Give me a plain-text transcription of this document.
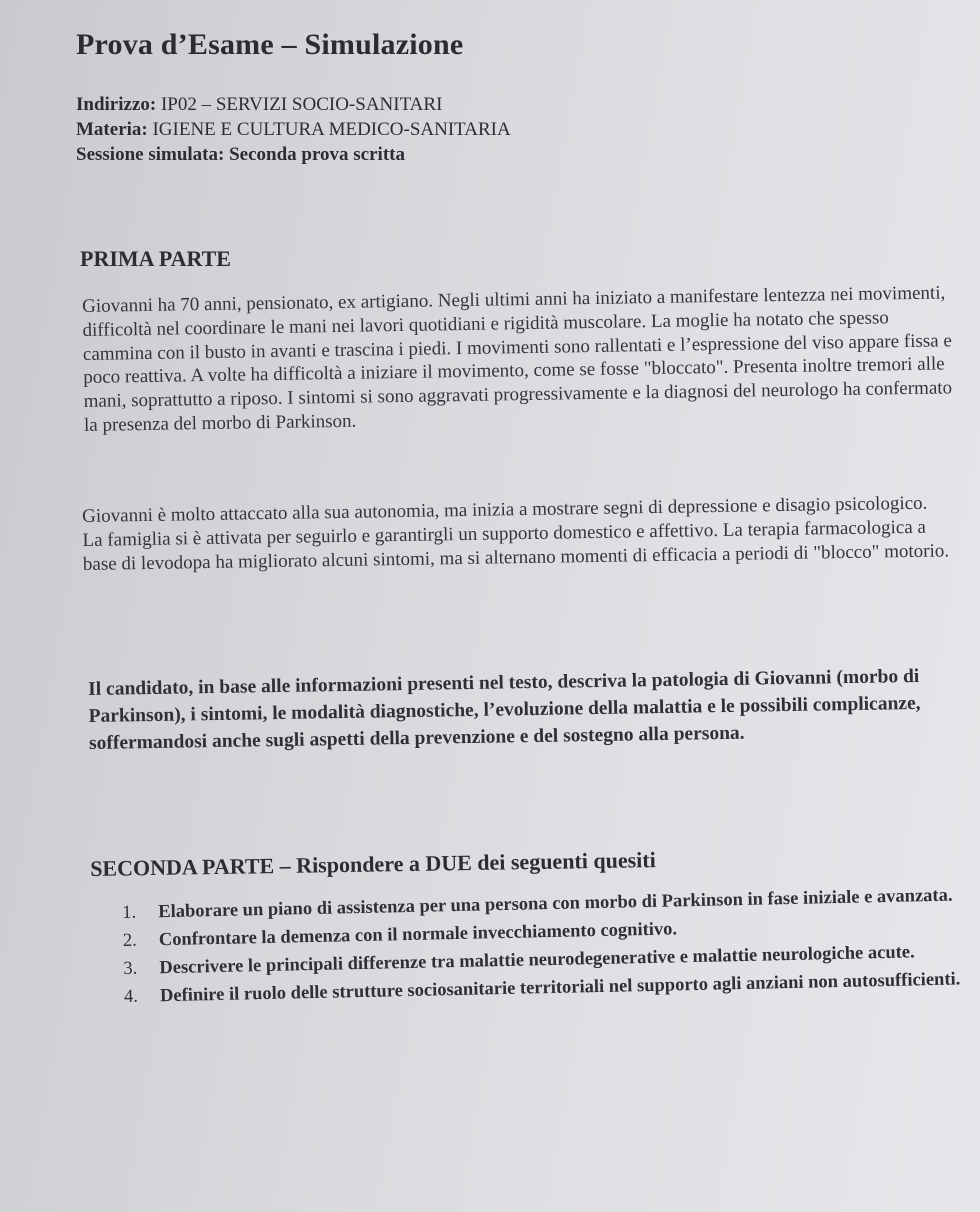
Prova d’Esame – Simulazione
Indirizzo: IP02 – SERVIZI SOCIO-SANITARI
Materia: IGIENE E CULTURA MEDICO-SANITARIA
Sessione simulata: Seconda prova scritta
PRIMA PARTE

Giovanni ha 70 anni, pensionato, ex artigiano. Negli ultimi anni ha iniziato a manifestare lentezza nei movimenti, difficoltà nel coordinare le mani nei lavori quotidiani e rigidità muscolare. La moglie ha notato che spesso cammina con il busto in avanti e trascina i piedi. I movimenti sono rallentati e l’espressione del viso appare fissa e poco reattiva. A volte ha difficoltà a iniziare il movimento, come se fosse "bloccato". Presenta inoltre tremori alle mani, soprattutto a riposo. I sintomi si sono aggravati progressivamente e la diagnosi del neurologo ha confermato la presenza del morbo di Parkinson.

Giovanni è molto attaccato alla sua autonomia, ma inizia a mostrare segni di depressione e disagio psicologico. La famiglia si è attivata per seguirlo e garantirgli un supporto domestico e affettivo. La terapia farmacologica a base di levodopa ha migliorato alcuni sintomi, ma si alternano momenti di efficacia a periodi di "blocco" motorio.

Il candidato, in base alle informazioni presenti nel testo, descriva la patologia di Giovanni (morbo di Parkinson), i sintomi, le modalità diagnostiche, l’evoluzione della malattia e le possibili complicanze, soffermandosi anche sugli aspetti della prevenzione e del sostegno alla persona.

SECONDA PARTE – Rispondere a DUE dei seguenti quesiti
1. Elaborare un piano di assistenza per una persona con morbo di Parkinson in fase iniziale e avanzata.
2. Confrontare la demenza con il normale invecchiamento cognitivo.
3. Descrivere le principali differenze tra malattie neurodegenerative e malattie neurologiche acute.
4. Definire il ruolo delle strutture sociosanitarie territoriali nel supporto agli anziani non autosufficienti.
